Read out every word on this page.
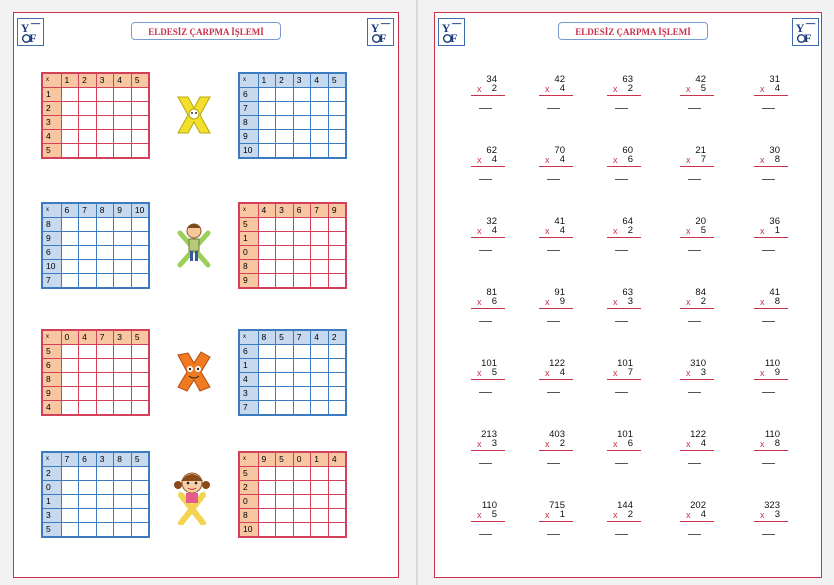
Y
F	ELDESİZ ÇARPMA İŞLEMİ	Y
F
x	1	2	3	4	5
1					
2					
3					
4					
5					
x	1	2	3	4	5
6					
7					
8					
9					
10					
x	6	7	8	9	10
8					
9					
6					
10					
7					
x	4	3	6	7	9
5					
1					
0					
8					
9					
x	0	4	7	3	5
5					
6					
8					
9					
4					
x	8	5	7	4	2
6					
1					
4					
3					
7					
x	7	6	3	8	5
2					
0					
1					
3					
5					
x	9	5	0	1	4
5					
2					
0					
8					
10					
Y
F	ELDESİZ ÇARPMA İŞLEMİ	Y
F
34
x 2
42
x 4
63
x 2
42
x 5
31
x 4
62
x 4
70
x 4
60
x 6
21
x 7
30
x 8
32
x 4
41
x 4
64
x 2
20
x 5
36
x 1
81
x 6
91
x 9
63
x 3
84
x 2
41
x 8
101
x 5
122
x 4
101
x 7
310
x 3
110
x 9
213
x 3
403
x 2
101
x 6
122
x 4
110
x 8
110
x 5
715
x 1
144
x 2
202
x 4
323
x 3
